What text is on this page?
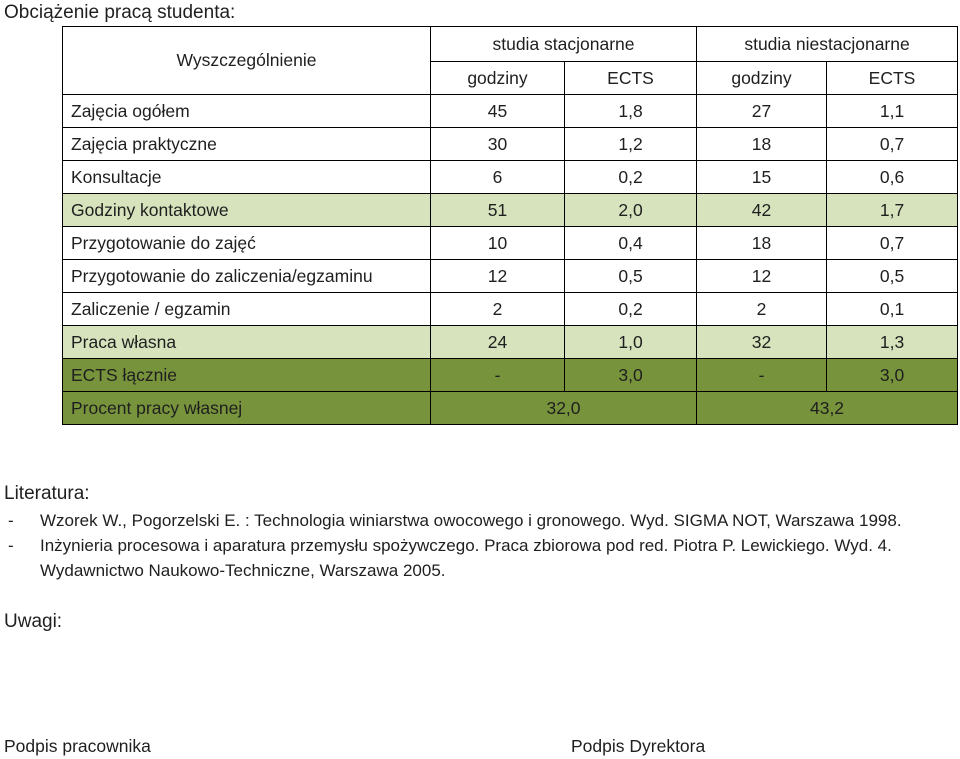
Obciążenie pracą studenta:
Wyszczególnienie	studia stacjonarne		studia niestacjonarne	
	godziny	ECTS	godziny	ECTS
Zajęcia ogółem	45	1,8	27	1,1
Zajęcia praktyczne	30	1,2	18	0,7
Konsultacje	6	0,2	15	0,6
Godziny kontaktowe	51	2,0	42	1,7
Przygotowanie do zajęć	10	0,4	18	0,7
Przygotowanie do zaliczenia/egzaminu	12	0,5	12	0,5
Zaliczenie / egzamin	2	0,2	2	0,1
Praca własna	24	1,0	32	1,3
ECTS łącznie	-	3,0	-	3,0
Procent pracy własnej	32,0		43,2	
Literatura:
-	Wzorek W., Pogorzelski E. : Technologia winiarstwa owocowego i gronowego. Wyd. SIGMA NOT, Warszawa 1998.
-	Inżynieria procesowa i aparatura przemysłu spożywczego. Praca zbiorowa pod red. Piotra P. Lewickiego. Wyd. 4.
Wydawnictwo Naukowo-Techniczne, Warszawa 2005.
Uwagi:
Podpis pracownika	Podpis Dyrektora
